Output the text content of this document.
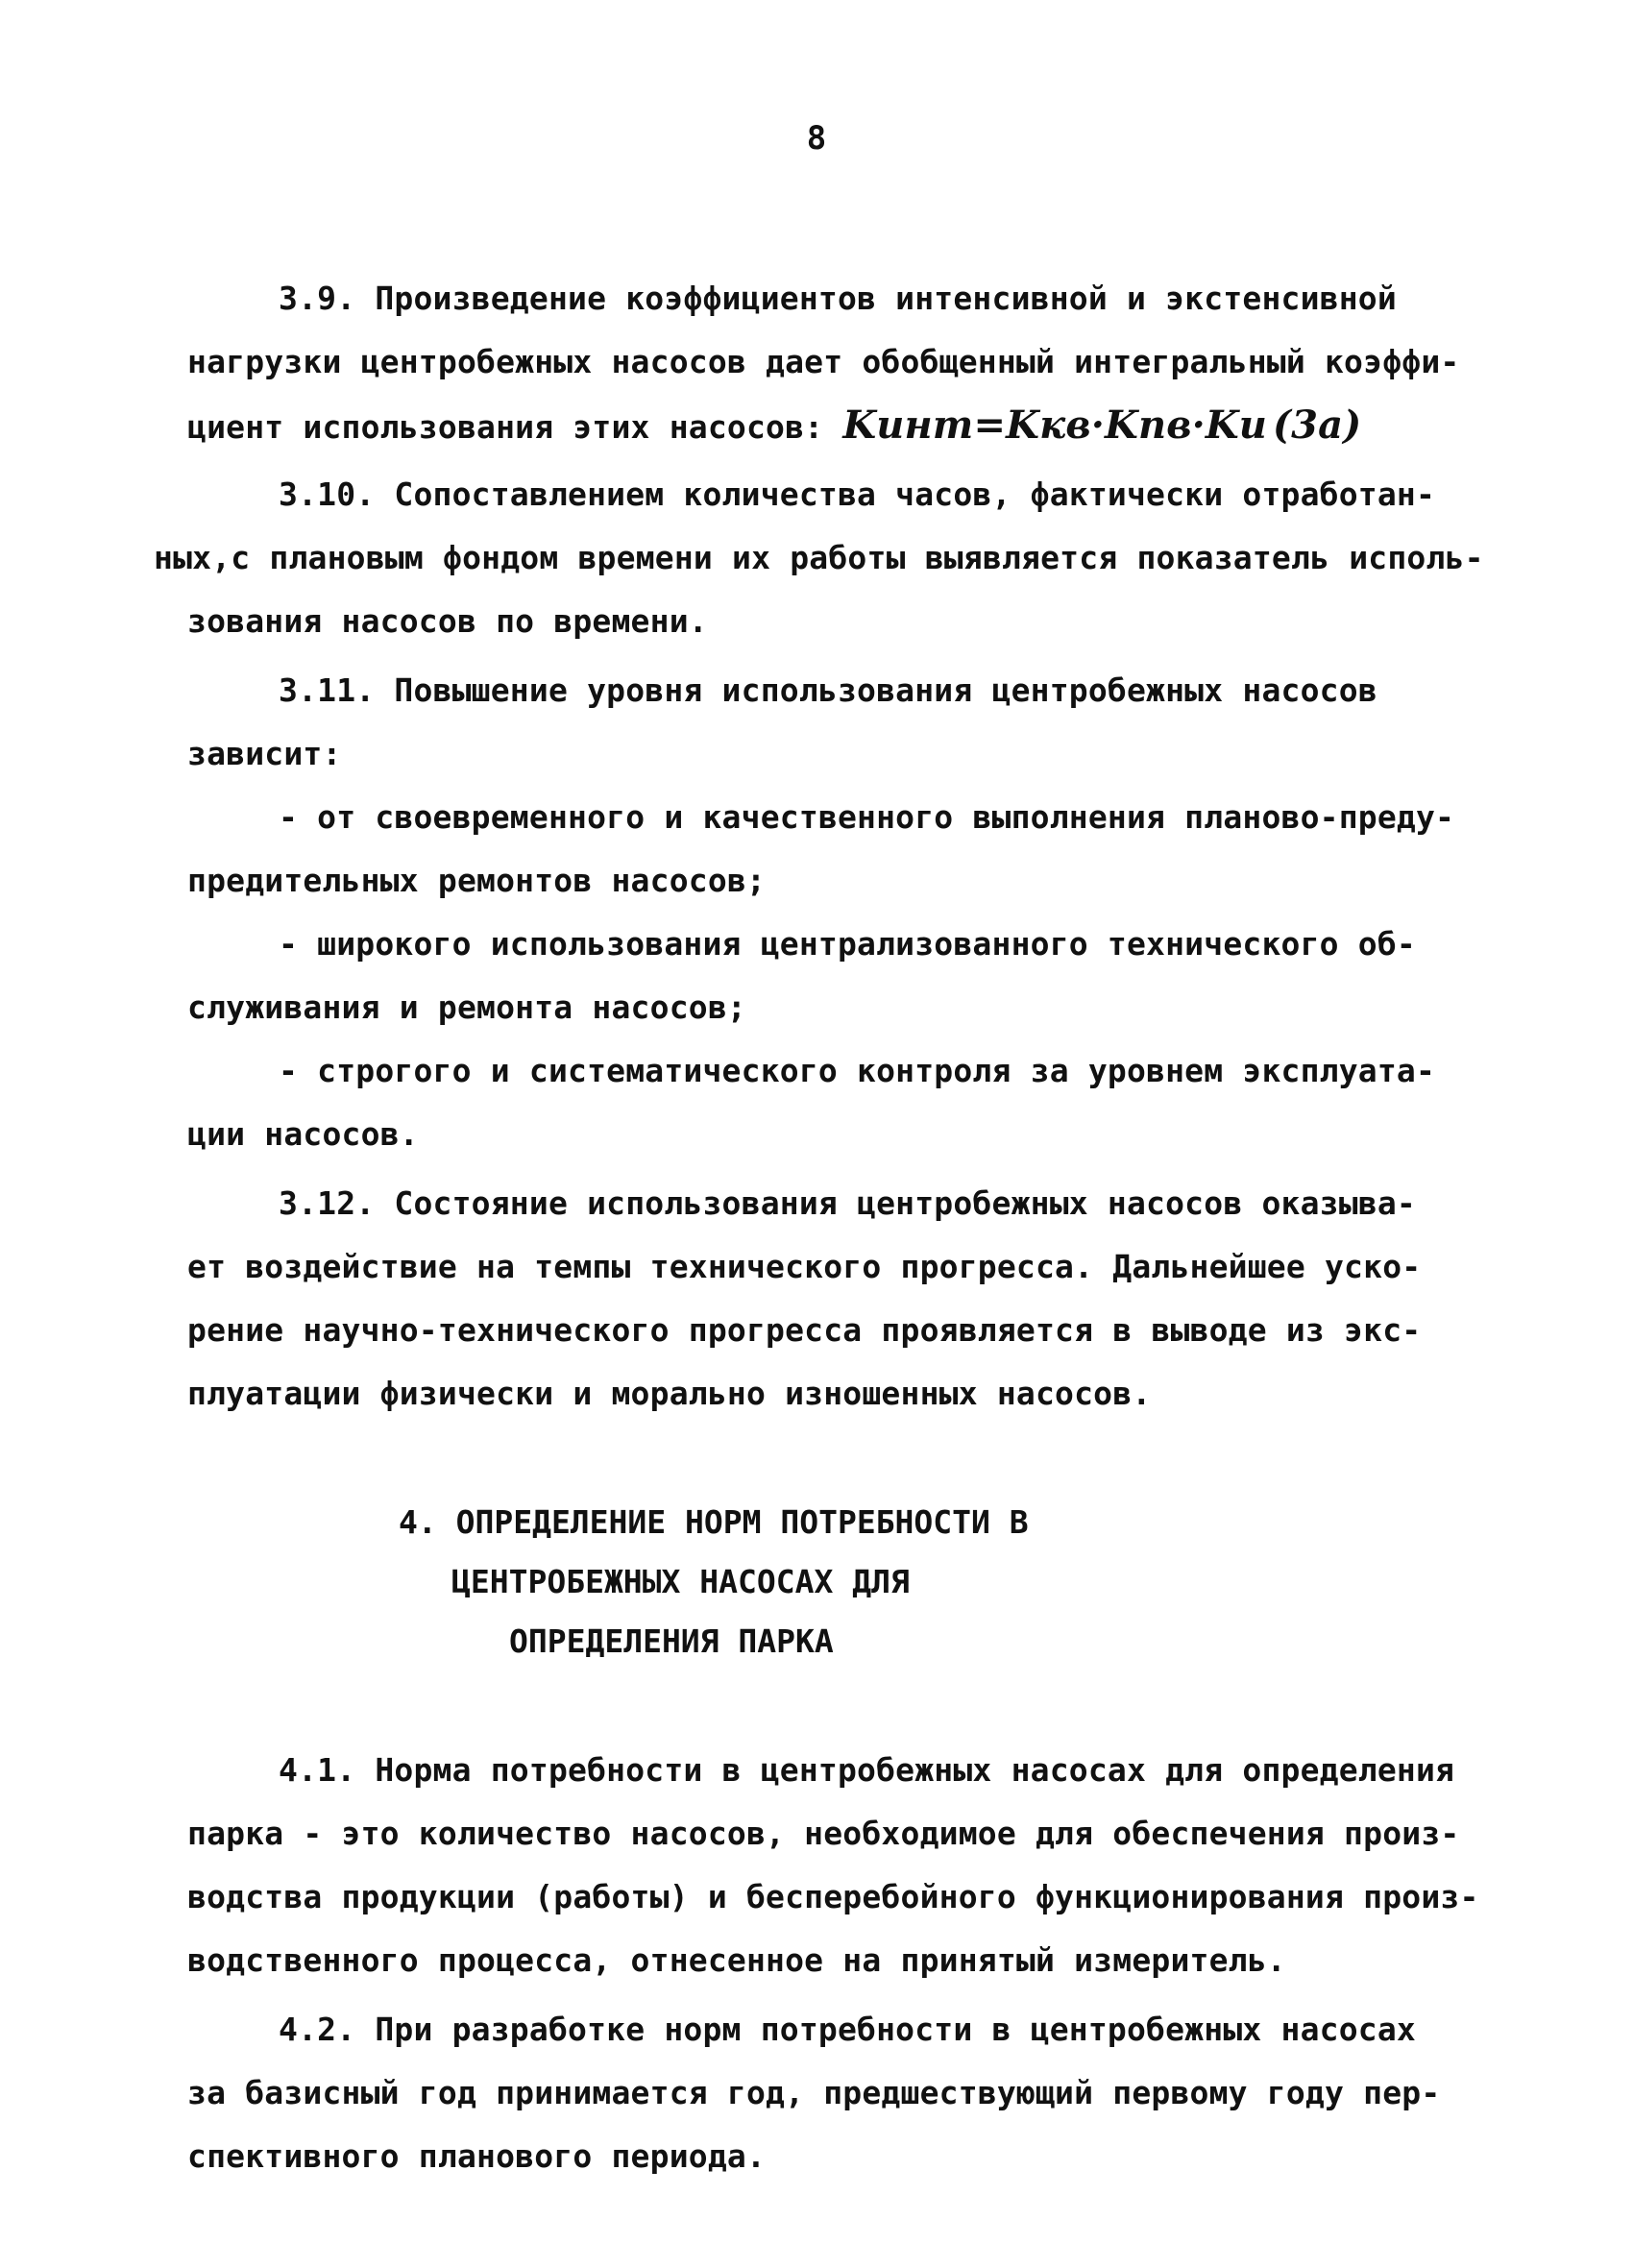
8
3.9. Произведение коэффициентов интенсивной и экстенсивной
нагрузки центробежных насосов дает обобщенный интегральный коэффи-
циент использования этих насосов: Kинт=Kкв·Kпв·Kи (3а)
3.10. Сопоставлением количества часов, фактически отработан-
ных,с плановым фондом времени их работы выявляется показатель исполь-
зования насосов по времени.
3.11. Повышение уровня использования центробежных насосов
зависит:
- от своевременного и качественного выполнения планово-преду-
предительных ремонтов насосов;
- широкого использования централизованного технического об-
служивания и ремонта насосов;
- строгого и систематического контроля за уровнем эксплуата-
ции насосов.
3.12. Состояние использования центробежных насосов оказыва-
ет воздействие на темпы технического прогресса. Дальнейшее уско-
рение научно-технического прогресса проявляется в выводе из экс-
плуатации физически и морально изношенных насосов.
4. ОПРЕДЕЛЕНИЕ НОРМ ПОТРЕБНОСТИ В
ЦЕНТРОБЕЖНЫХ НАСОСАХ ДЛЯ
ОПРЕДЕЛЕНИЯ ПАРКА
4.1. Норма потребности в центробежных насосах для определения
парка - это количество насосов, необходимое для обеспечения произ-
водства продукции (работы) и бесперебойного функционирования произ-
водственного процесса, отнесенное на принятый измеритель.
4.2. При разработке норм потребности в центробежных насосах
за базисный год принимается год, предшествующий первому году пер-
спективного планового периода.
